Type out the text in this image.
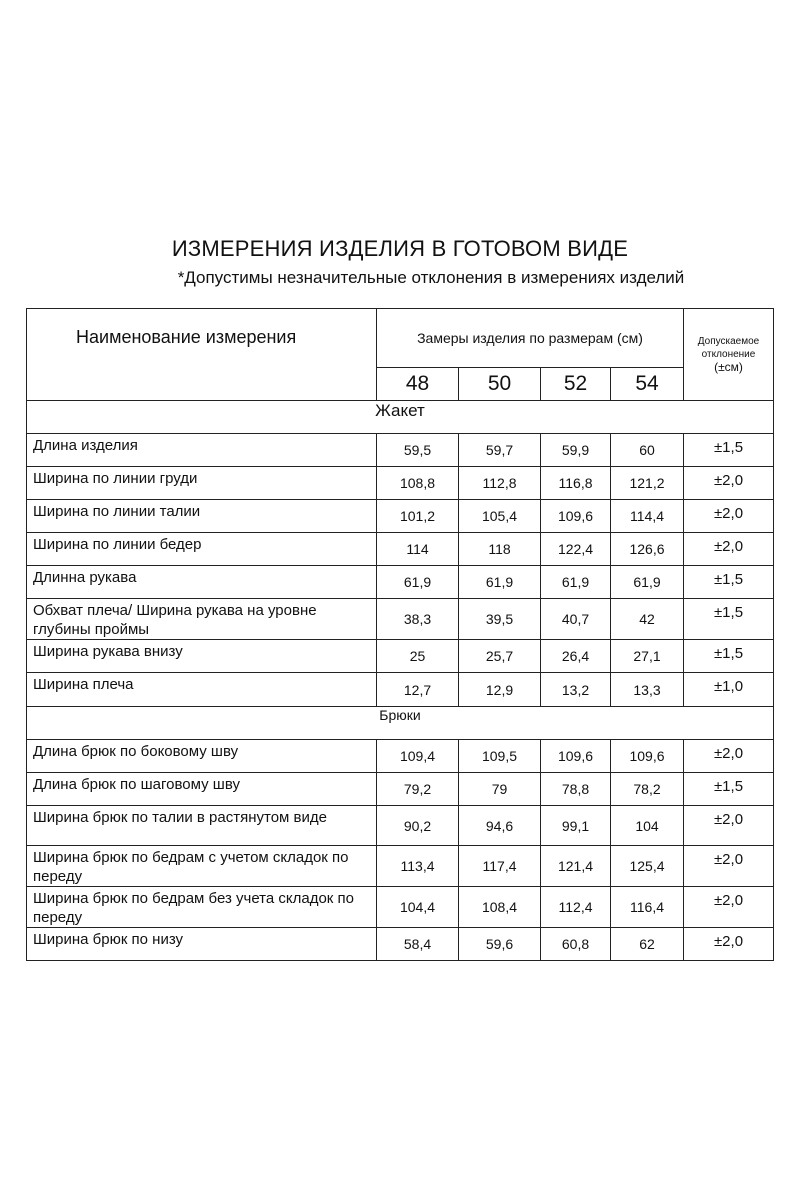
ИЗМЕРЕНИЯ ИЗДЕЛИЯ В ГОТОВОМ ВИДЕ
*Допустимы незначительные отклонения в измерениях изделий
Наименование измерения	Замеры изделия по размерам (см)				Допускаемое
отклонение
(±см)

	48	50	52	54	
Жакет					
Длина изделия	59,5	59,7	59,9	60	±1,5
Ширина по линии груди	108,8	112,8	116,8	121,2	±2,0
Ширина по линии талии	101,2	105,4	109,6	114,4	±2,0
Ширина по линии бедер	114	118	122,4	126,6	±2,0
Длинна рукава	61,9	61,9	61,9	61,9	±1,5
Обхват плеча/ Ширина рукава на уровне глубины проймы	38,3	39,5	40,7	42	±1,5
Ширина рукава внизу	25	25,7	26,4	27,1	±1,5
Ширина плеча	12,7	12,9	13,2	13,3	±1,0
Брюки					
Длина брюк по боковому шву	109,4	109,5	109,6	109,6	±2,0
Длина брюк по шаговому шву	79,2	79	78,8	78,2	±1,5
Ширина брюк по талии в растянутом виде	90,2	94,6	99,1	104	±2,0
Ширина брюк по бедрам с учетом складок по переду	113,4	117,4	121,4	125,4	±2,0
Ширина брюк по бедрам без учета складок по переду	104,4	108,4	112,4	116,4	±2,0
Ширина брюк по низу	58,4	59,6	60,8	62	±2,0
